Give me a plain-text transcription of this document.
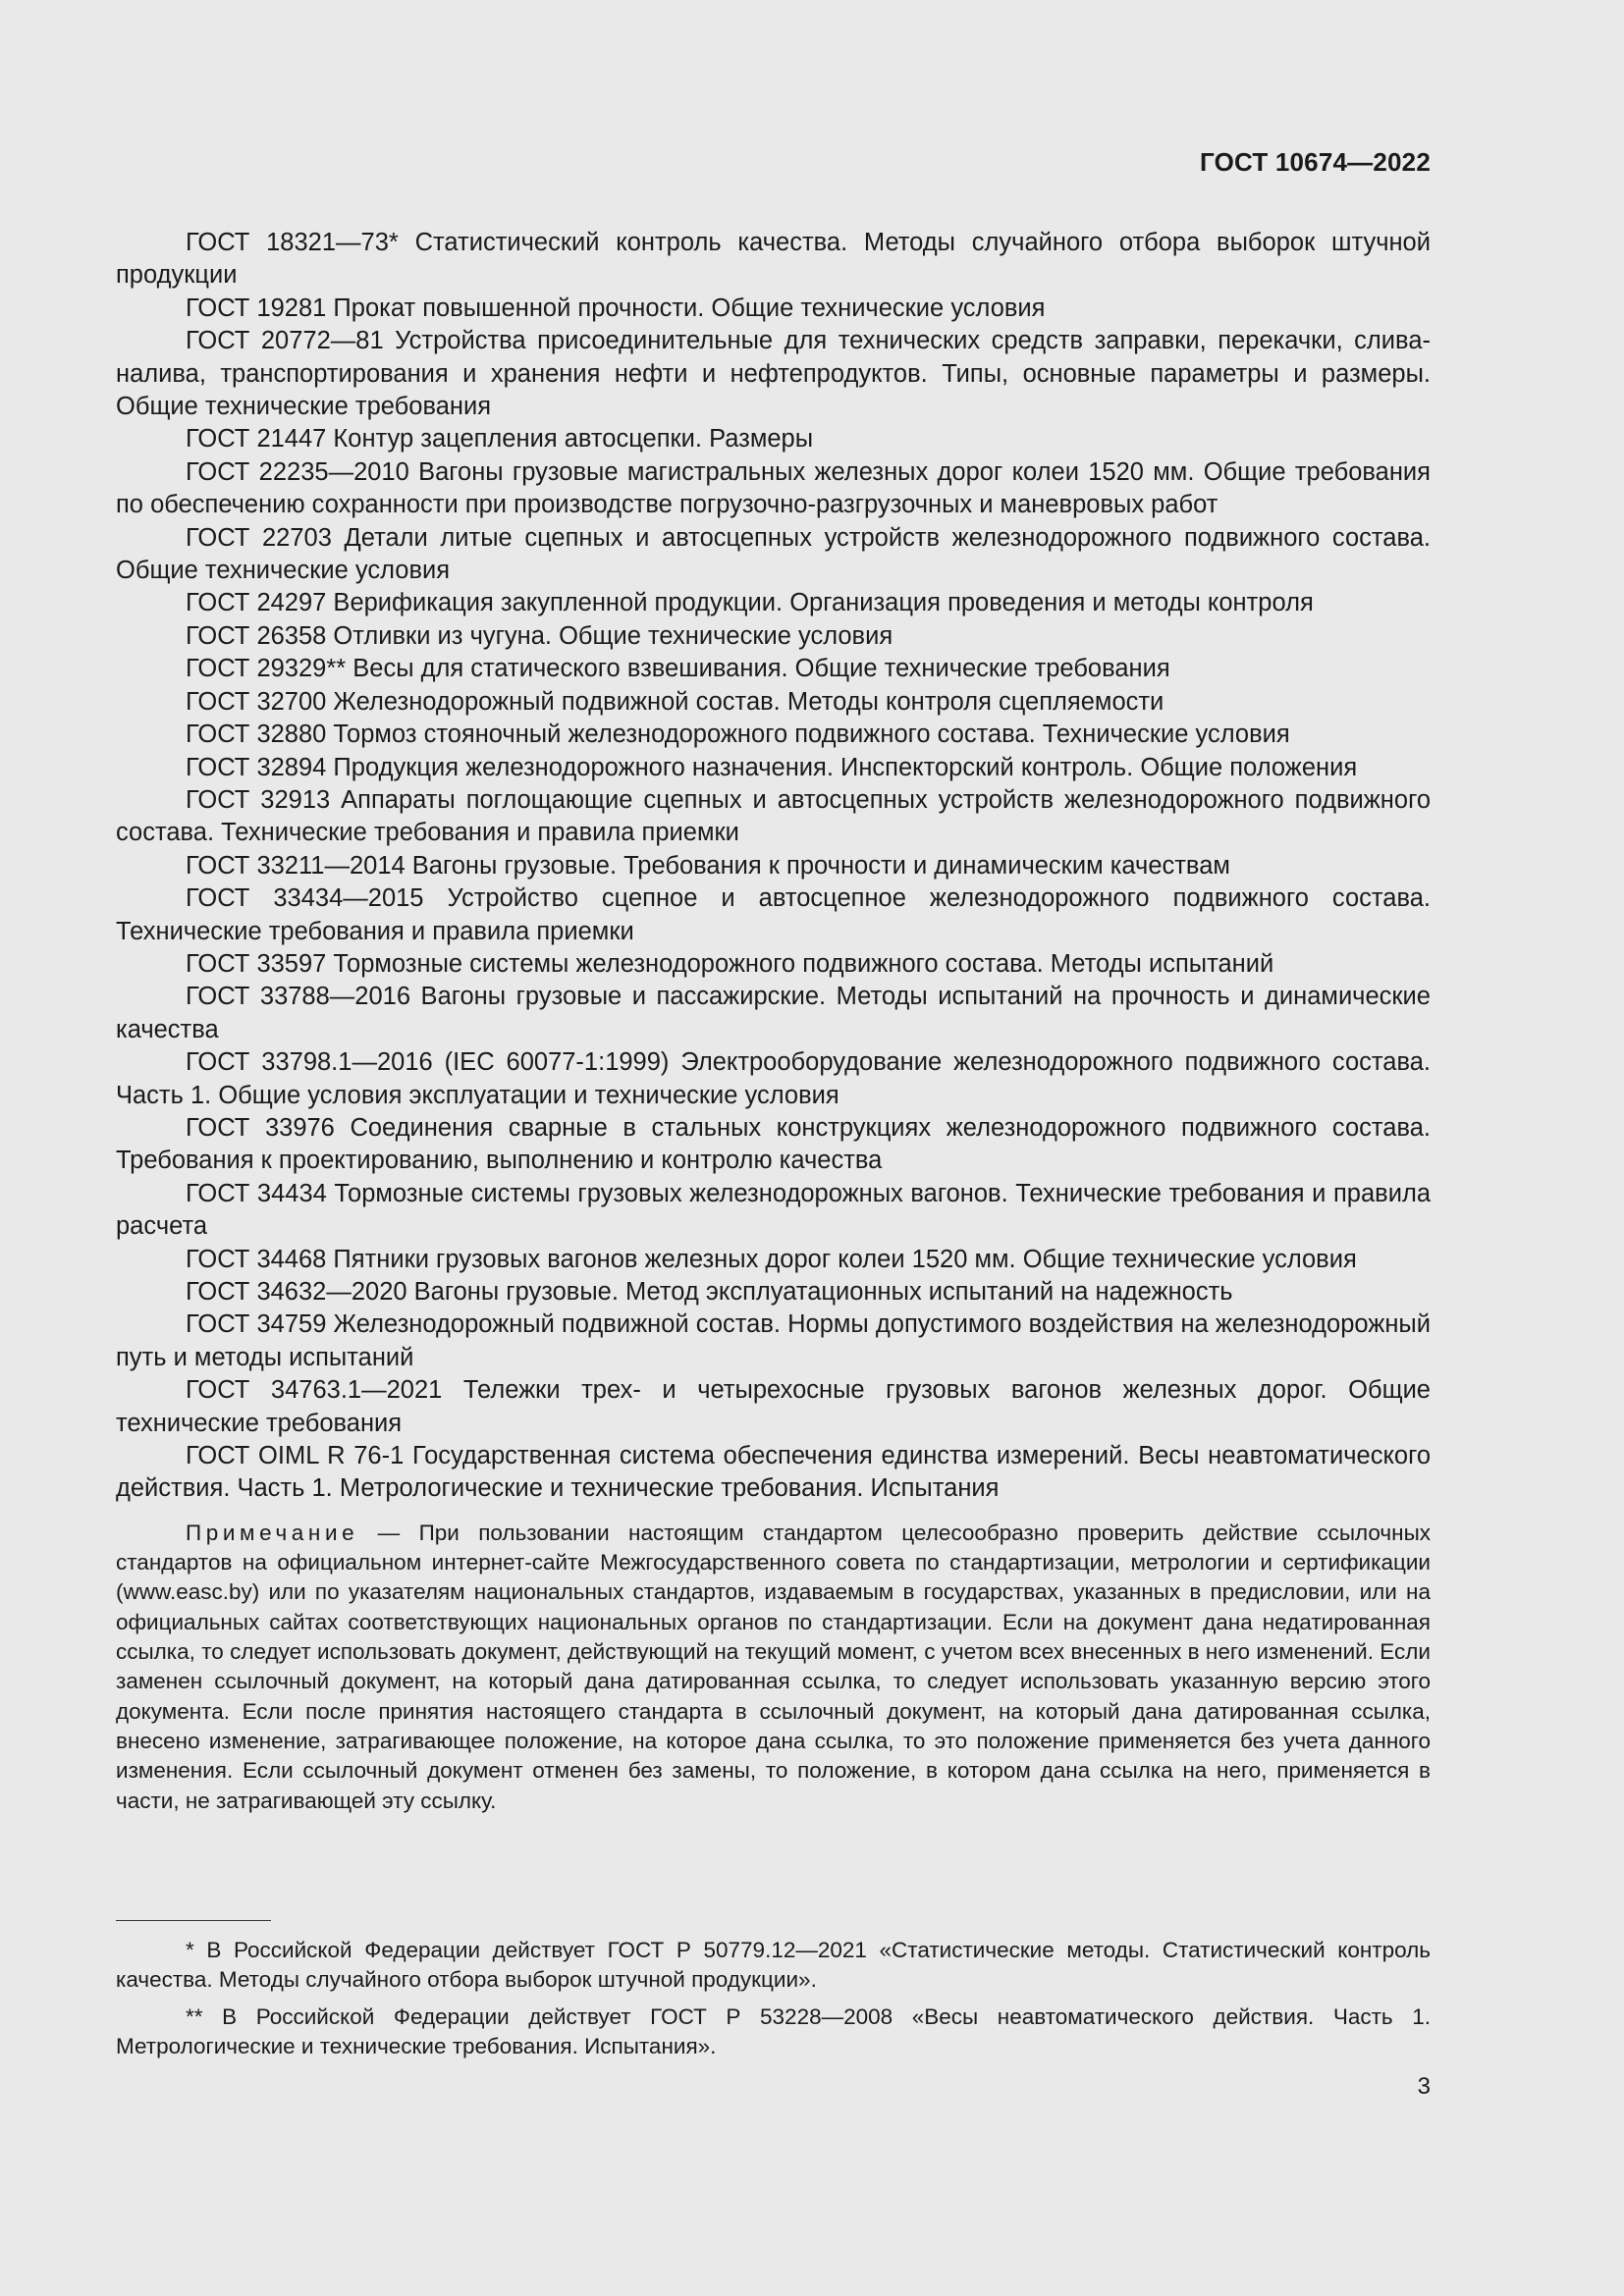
ГОСТ 10674—2022

ГОСТ 18321—73* Статистический контроль качества. Методы случайного отбора выборок штучной продукции

ГОСТ 19281 Прокат повышенной прочности. Общие технические условия

ГОСТ 20772—81 Устройства присоединительные для технических средств заправки, перекачки, слива-налива, транспортирования и хранения нефти и нефтепродуктов. Типы, основные параметры и размеры. Общие технические требования

ГОСТ 21447 Контур зацепления автосцепки. Размеры

ГОСТ 22235—2010 Вагоны грузовые магистральных железных дорог колеи 1520 мм. Общие требования по обеспечению сохранности при производстве погрузочно-разгрузочных и маневровых работ

ГОСТ 22703 Детали литые сцепных и автосцепных устройств железнодорожного подвижного состава. Общие технические условия

ГОСТ 24297 Верификация закупленной продукции. Организация проведения и методы контроля

ГОСТ 26358 Отливки из чугуна. Общие технические условия

ГОСТ 29329** Весы для статического взвешивания. Общие технические требования

ГОСТ 32700 Железнодорожный подвижной состав. Методы контроля сцепляемости

ГОСТ 32880 Тормоз стояночный железнодорожного подвижного состава. Технические условия

ГОСТ 32894 Продукция железнодорожного назначения. Инспекторский контроль. Общие положения

ГОСТ 32913 Аппараты поглощающие сцепных и автосцепных устройств железнодорожного подвижного состава. Технические требования и правила приемки

ГОСТ 33211—2014 Вагоны грузовые. Требования к прочности и динамическим качествам

ГОСТ 33434—2015 Устройство сцепное и автосцепное железнодорожного подвижного состава. Технические требования и правила приемки

ГОСТ 33597 Тормозные системы железнодорожного подвижного состава. Методы испытаний

ГОСТ 33788—2016 Вагоны грузовые и пассажирские. Методы испытаний на прочность и динамические качества

ГОСТ 33798.1—2016 (IEC 60077-1:1999) Электрооборудование железнодорожного подвижного состава. Часть 1. Общие условия эксплуатации и технические условия

ГОСТ 33976 Соединения сварные в стальных конструкциях железнодорожного подвижного состава. Требования к проектированию, выполнению и контролю качества

ГОСТ 34434 Тормозные системы грузовых железнодорожных вагонов. Технические требования и правила расчета

ГОСТ 34468 Пятники грузовых вагонов железных дорог колеи 1520 мм. Общие технические условия

ГОСТ 34632—2020 Вагоны грузовые. Метод эксплуатационных испытаний на надежность

ГОСТ 34759 Железнодорожный подвижной состав. Нормы допустимого воздействия на железнодорожный путь и методы испытаний

ГОСТ 34763.1—2021 Тележки трех- и четырехосные грузовых вагонов железных дорог. Общие технические требования

ГОСТ OIML R 76-1 Государственная система обеспечения единства измерений. Весы неавтоматического действия. Часть 1. Метрологические и технические требования. Испытания

Примечание — При пользовании настоящим стандартом целесообразно проверить действие ссылочных стандартов на официальном интернет-сайте Межгосударственного совета по стандартизации, метрологии и сертификации (www.easc.by) или по указателям национальных стандартов, издаваемым в государствах, указанных в предисловии, или на официальных сайтах соответствующих национальных органов по стандартизации. Если на документ дана недатированная ссылка, то следует использовать документ, действующий на текущий момент, с учетом всех внесенных в него изменений. Если заменен ссылочный документ, на который дана датированная ссылка, то следует использовать указанную версию этого документа. Если после принятия настоящего стандарта в ссылочный документ, на который дана датированная ссылка, внесено изменение, затрагивающее положение, на которое дана ссылка, то это положение применяется без учета данного изменения. Если ссылочный документ отменен без замены, то положение, в котором дана ссылка на него, применяется в части, не затрагивающей эту ссылку.

* В Российской Федерации действует ГОСТ Р 50779.12—2021 «Статистические методы. Статистический контроль качества. Методы случайного отбора выборок штучной продукции».

** В Российской Федерации действует ГОСТ Р 53228—2008 «Весы неавтоматического действия. Часть 1. Метрологические и технические требования. Испытания».

3
